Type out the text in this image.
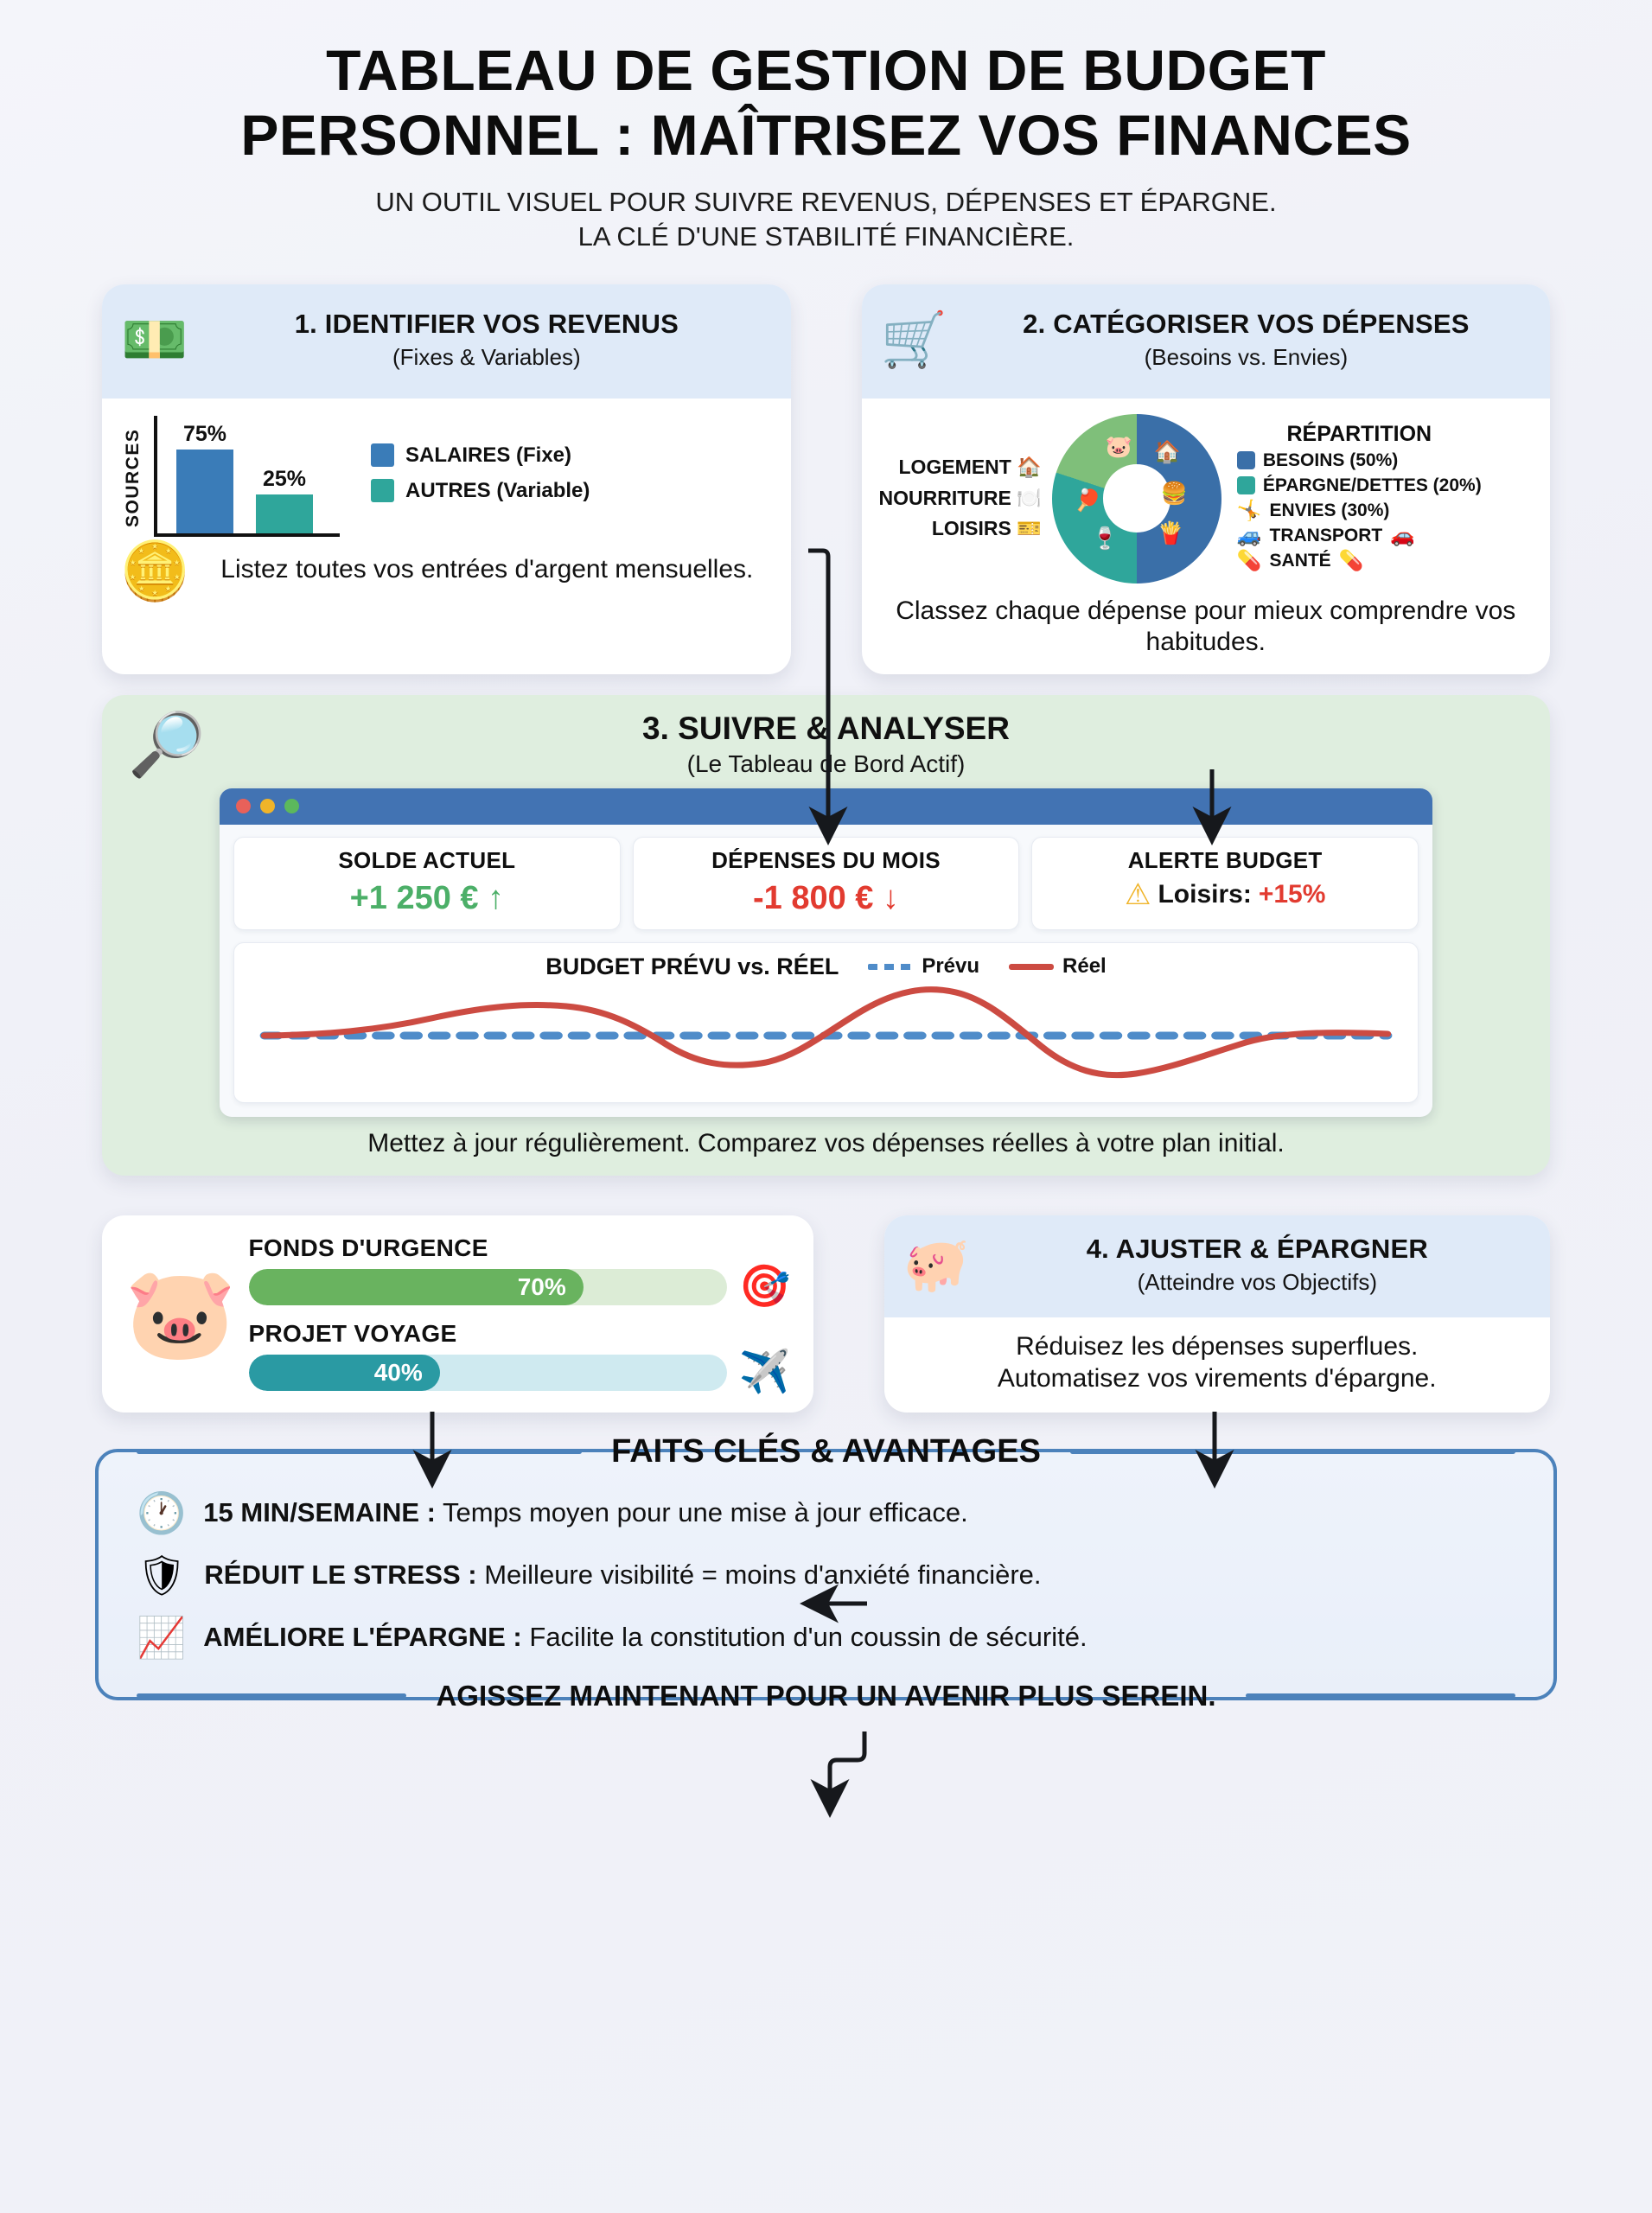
TABLEAU DE GESTION DE BUDGET
PERSONNEL : MAÎTRISEZ VOS FINANCES
UN OUTIL VISUEL POUR SUIVRE REVENUS, DÉPENSES ET ÉPARGNE.
LA CLÉ D'UNE STABILITÉ FINANCIÈRE.
💵	1. IDENTIFIER VOS REVENUS
(Fixes & Variables)
SOURCES 75%
25%
SALAIRES (Fixe)
AUTRES (Variable)
🪙	Listez toutes vos entrées d'argent mensuelles.
🛒	2. CATÉGORISER VOS DÉPENSES
(Besoins vs. Envies)
LOGEMENT 🏠
NOURRITURE 🍽️
LOISIRS 🎫
🏠
🍔
🍟
🐷
🏓
🍷
RÉPARTITION
BESOINS (50%)
ÉPARGNE/DETTES (20%)
🤸 ENVIES (30%)
🚙 TRANSPORT 🚗
💊 SANTÉ 💊
Classez chaque dépense pour mieux comprendre vos habitudes.
🔎	3. SUIVRE & ANALYSER
(Le Tableau de Bord Actif)
SOLDE ACTUEL
+1 250 € ↑
DÉPENSES DU MOIS
-1 800 € ↓
ALERTE BUDGET
⚠ Loisirs: +15%
BUDGET PRÉVU vs. RÉEL	Prévu	Réel
Mettez à jour régulièrement. Comparez vos dépenses réelles à votre plan initial.
🐷
FONDS D'URGENCE
70%	🎯
PROJET VOYAGE
40%	✈️
🐖	4. AJUSTER & ÉPARGNER
(Atteindre vos Objectifs)
Réduisez les dépenses superflues.
Automatisez vos virements d'épargne.
FAITS CLÉS & AVANTAGES
🕐 15 MIN/SEMAINE : Temps moyen pour une mise à jour efficace.
🛡 RÉDUIT LE STRESS : Meilleure visibilité = moins d'anxiété financière.
📈 AMÉLIORE L'ÉPARGNE : Facilite la constitution d'un coussin de sécurité.
AGISSEZ MAINTENANT POUR UN AVENIR PLUS SEREIN.
